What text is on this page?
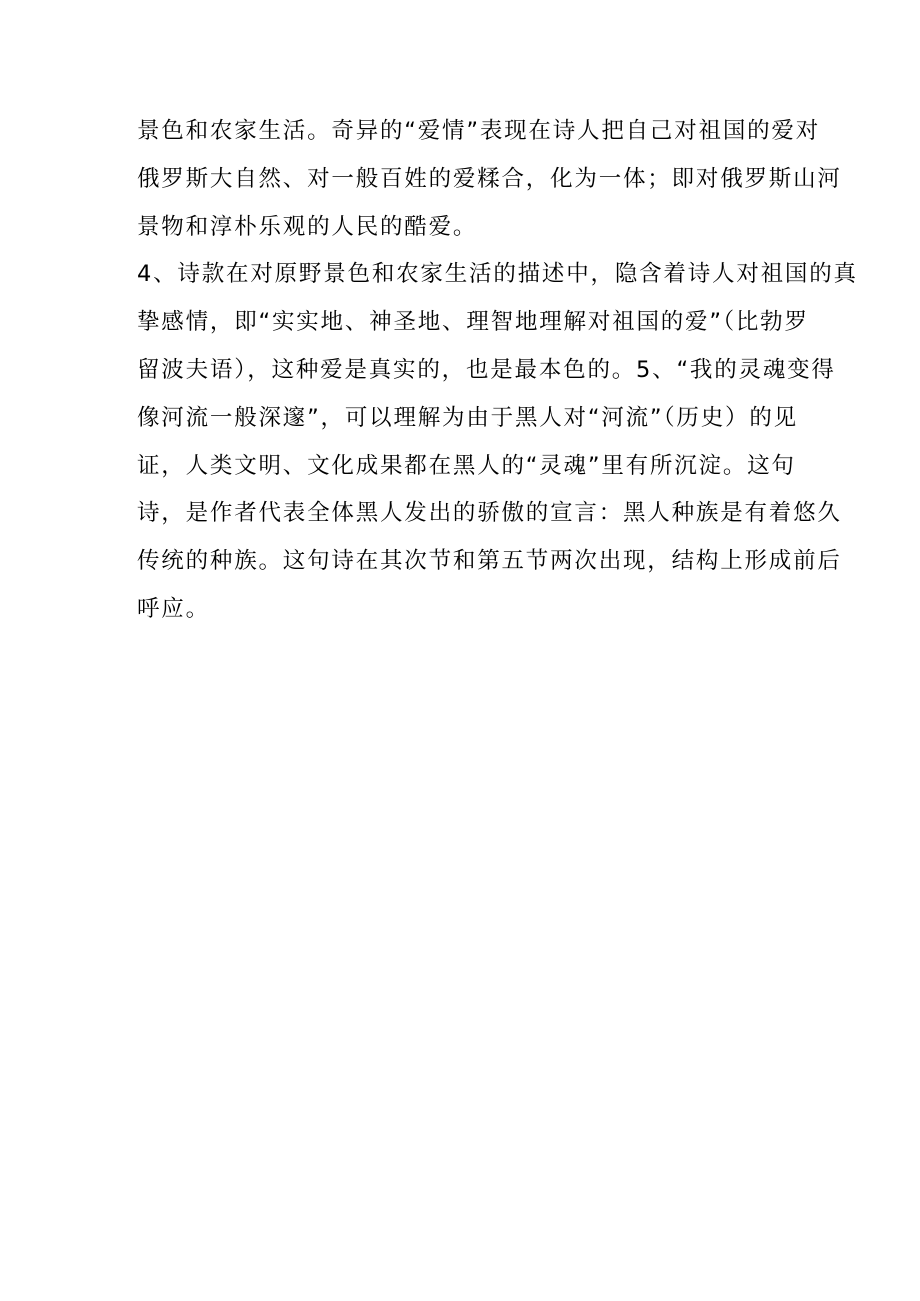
景色和农家生活。奇异的“爱情”表现在诗人把自己对祖国的爱对
俄罗斯大自然、对一般百姓的爱糅合，化为一体；即对俄罗斯山河
景物和淳朴乐观的人民的酷爱。
4、诗款在对原野景色和农家生活的描述中，隐含着诗人对祖国的真
挚感情，即“实实地、神圣地、理智地理解对祖国的爱”（比勃罗
留波夫语），这种爱是真实的，也是最本色的。5、“我的灵魂变得
像河流一般深邃”，可以理解为由于黑人对“河流”（历史）的见
证，人类文明、文化成果都在黑人的“灵魂”里有所沉淀。这句
诗，是作者代表全体黑人发出的骄傲的宣言：黑人种族是有着悠久
传统的种族。这句诗在其次节和第五节两次出现，结构上形成前后
呼应。
